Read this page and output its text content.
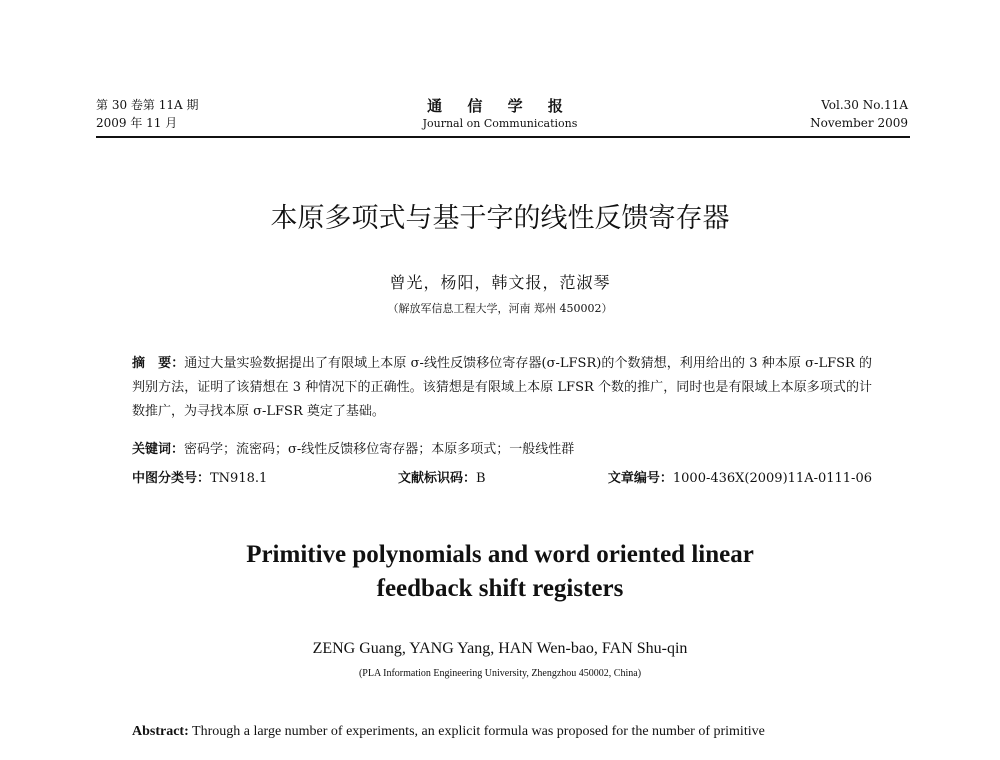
第 30 卷第 11A 期
2009 年 11 月
通 信 学 报
Journal on Communications
Vol.30 No.11A
November 2009
本原多项式与基于字的线性反馈寄存器
曾光，杨阳，韩文报，范淑琴
（解放军信息工程大学，河南 郑州 450002）
摘　要：通过大量实验数据提出了有限域上本原 σ-线性反馈移位寄存器(σ-LFSR)的个数猜想，利用给出的 3 种本原 σ-LFSR 的判别方法，证明了该猜想在 3 种情况下的正确性。该猜想是有限域上本原 LFSR 个数的推广，同时也是有限域上本原多项式的计数推广，为寻找本原 σ-LFSR 奠定了基础。
关键词：密码学；流密码；σ-线性反馈移位寄存器；本原多项式；一般线性群
中图分类号：TN918.1	文献标识码：B	文章编号：1000-436X(2009)11A-0111-06
Primitive polynomials and word oriented linear
feedback shift registers
ZENG Guang, YANG Yang, HAN Wen-bao, FAN Shu-qin
(PLA Information Engineering University, Zhengzhou 450002, China)
Abstract: Through a large number of experiments, an explicit formula was proposed for the number of primitive
